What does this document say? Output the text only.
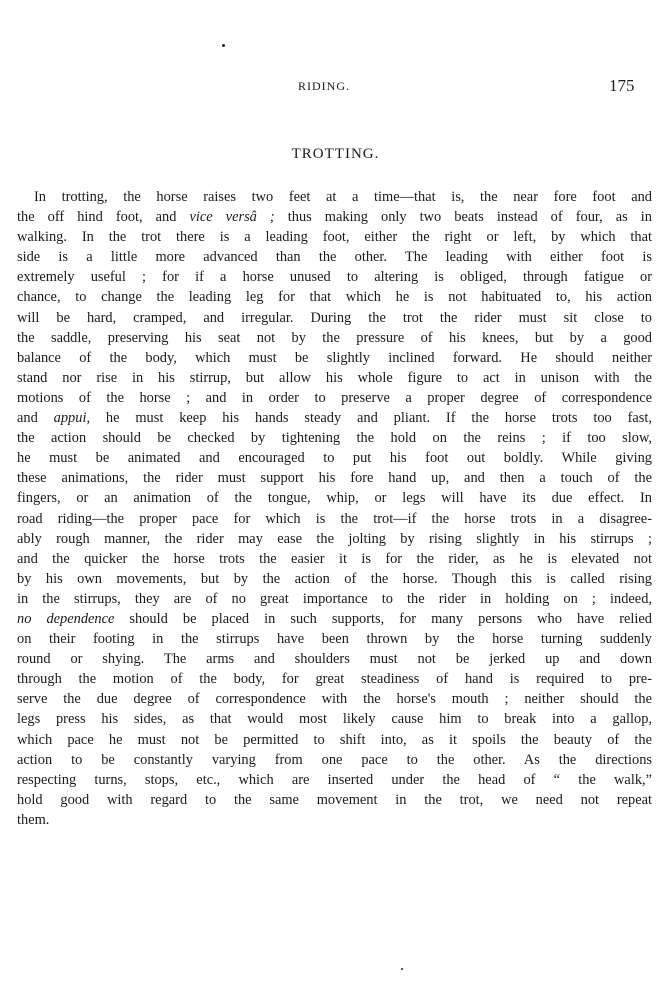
RIDING.	175
TROTTING.
In trotting, the horse raises two feet at a time—that is, the near fore foot and
the off hind foot, and vice versâ ; thus making only two beats instead of four, as in
walking. In the trot there is a leading foot, either the right or left, by which that
side is a little more advanced than the other. The leading with either foot is
extremely useful ; for if a horse unused to altering is obliged, through fatigue or
chance, to change the leading leg for that which he is not habituated to, his action
will be hard, cramped, and irregular. During the trot the rider must sit close to
the saddle, preserving his seat not by the pressure of his knees, but by a good
balance of the body, which must be slightly inclined forward. He should neither
stand nor rise in his stirrup, but allow his whole figure to act in unison with the
motions of the horse ; and in order to preserve a proper degree of correspondence
and appui, he must keep his hands steady and pliant. If the horse trots too fast,
the action should be checked by tightening the hold on the reins ; if too slow,
he must be animated and encouraged to put his foot out boldly. While giving
these animations, the rider must support his fore hand up, and then a touch of the
fingers, or an animation of the tongue, whip, or legs will have its due effect. In
road riding—the proper pace for which is the trot—if the horse trots in a disagree-
ably rough manner, the rider may ease the jolting by rising slightly in his stirrups ;
and the quicker the horse trots the easier it is for the rider, as he is elevated not
by his own movements, but by the action of the horse. Though this is called rising
in the stirrups, they are of no great importance to the rider in holding on ; indeed,
no dependence should be placed in such supports, for many persons who have relied
on their footing in the stirrups have been thrown by the horse turning suddenly
round or shying. The arms and shoulders must not be jerked up and down
through the motion of the body, for great steadiness of hand is required to pre-
serve the due degree of correspondence with the horse's mouth ; neither should the
legs press his sides, as that would most likely cause him to break into a gallop,
which pace he must not be permitted to shift into, as it spoils the beauty of the
action to be constantly varying from one pace to the other. As the directions
respecting turns, stops, etc., which are inserted under the head of “ the walk,”
hold good with regard to the same movement in the trot, we need not repeat
them.
